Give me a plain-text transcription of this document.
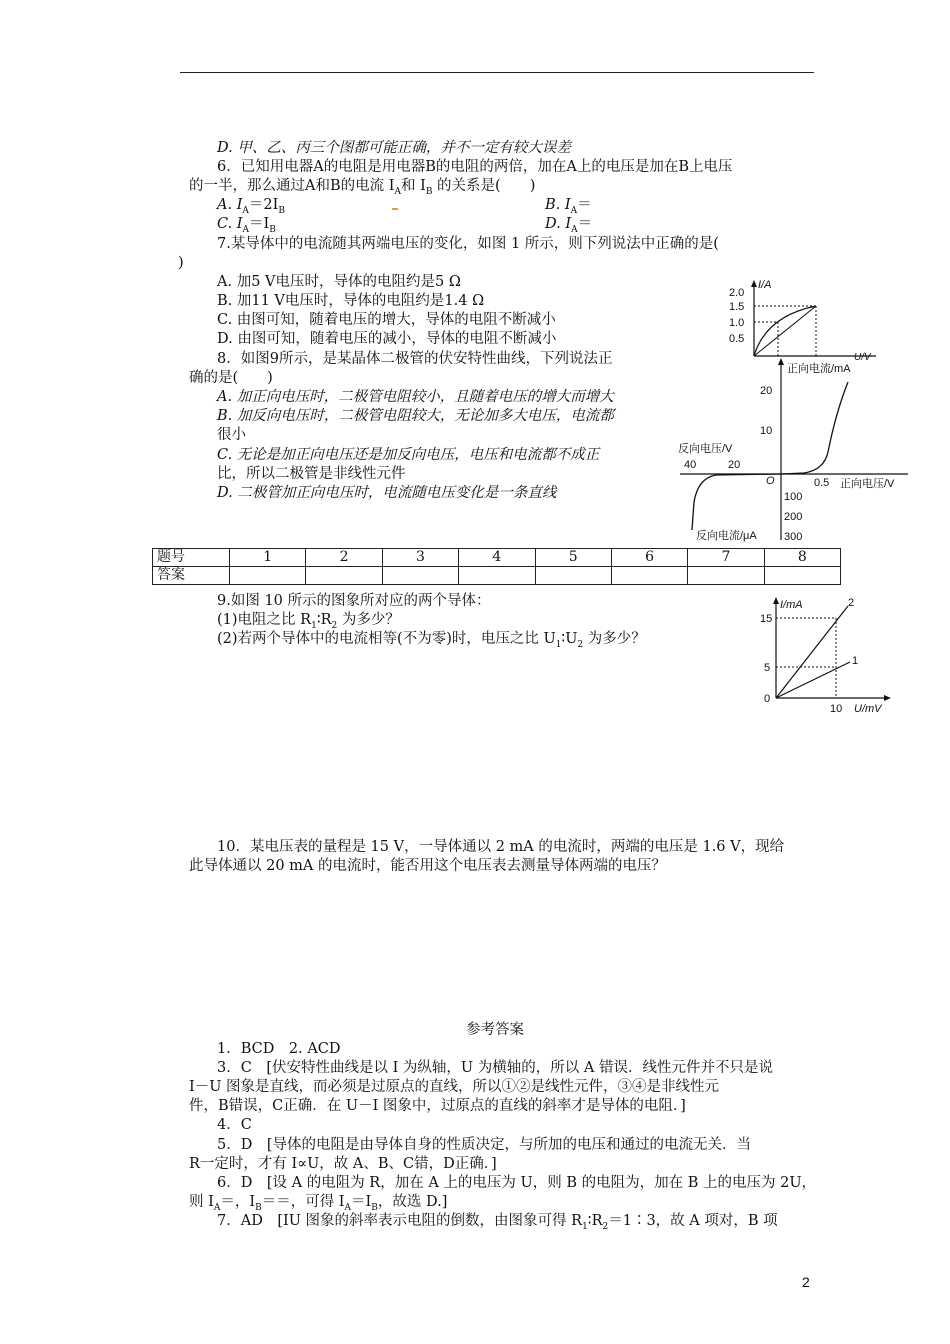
D. 甲、乙、丙三个图都可能正确，并不一定有较大误差
6．已知用电器A的电阻是用电器B的电阻的两倍，加在A上的电压是加在B上电压
的一半，那么通过A和B的电流 $I_A$和 $I_B$ 的关系是(　　)
A. $I_A=2I_B$	B. $I_A=$
C. $I_A=I_B$	D. $I_A=$
7.某导体中的电流随其两端电压的变化，如图 1 所示，则下列说法中正确的是(
)
A. 加5 V电压时，导体的电阻约是5 Ω
B. 加11 V电压时，导体的电阻约是1.4 Ω
C. 由图可知，随着电压的增大，导体的电阻不断减小
D. 由图可知，随着电压的减小，导体的电阻不断减小
8．如图9所示，是某晶体二极管的伏安特性曲线，下列说法正
确的是(　　)
A. 加正向电压时，二极管电阻较小，且随着电压的增大而增大
B. 加反向电压时，二极管电阻较大，无论加多大电压，电流都
很小
C. 无论是加正向电压还是加反向电压，电压和电流都不成正
比，所以二极管是非线性元件
D. 二极管加正向电压时，电流随电压变化是一条直线
I/A
U/V
2.0
1.5
1.0
0.5
正向电流/mA
20
10
反向电压/V
40	20
O	0.5 正向电压/V
100
200
300
反向电流/μA
题号	1	2	3	4	5	6	7	8
答案								
9.如图 10 所示的图象所对应的两个导体：
(1)电阻之比 $R_1∶R_2$ 为多少？
(2)若两个导体中的电流相等(不为零)时，电压之比 $U_1∶U_2$ 为多少？
I/mA
U/mV
15
5
10
0
2
1
10．某电压表的量程是 15 V，一导体通以 2 mA 的电流时，两端的电压是 1.6 V，现给
此导体通以 20 mA 的电流时，能否用这个电压表去测量导体两端的电压？
参考答案
1．BCD　2. ACD
3．C　[伏安特性曲线是以 I 为纵轴，U 为横轴的，所以 A 错误．线性元件并不只是说
I－U 图象是直线，而必须是过原点的直线，所以①②是线性元件，③④是非线性元
件，B错误，C正确．在 U－I 图象中，过原点的直线的斜率才是导体的电阻．]
4．C
5．D　[导体的电阻是由导体自身的性质决定，与所加的电压和通过的电流无关．当
R一定时，才有 I∝U，故 A、B、C错，D正确．]
6．D　[设 A 的电阻为 R，加在 A 上的电压为 U，则 B 的电阻为，加在 B 上的电压为 2U，
则 $I_A=$，$I_B==$，可得 $I_A=I_B$，故选 D.]
7．AD　[IU 图象的斜率表示电阻的倒数，由图象可得 $R_1∶R_2=1∶3$，故 A 项对，B 项
2
